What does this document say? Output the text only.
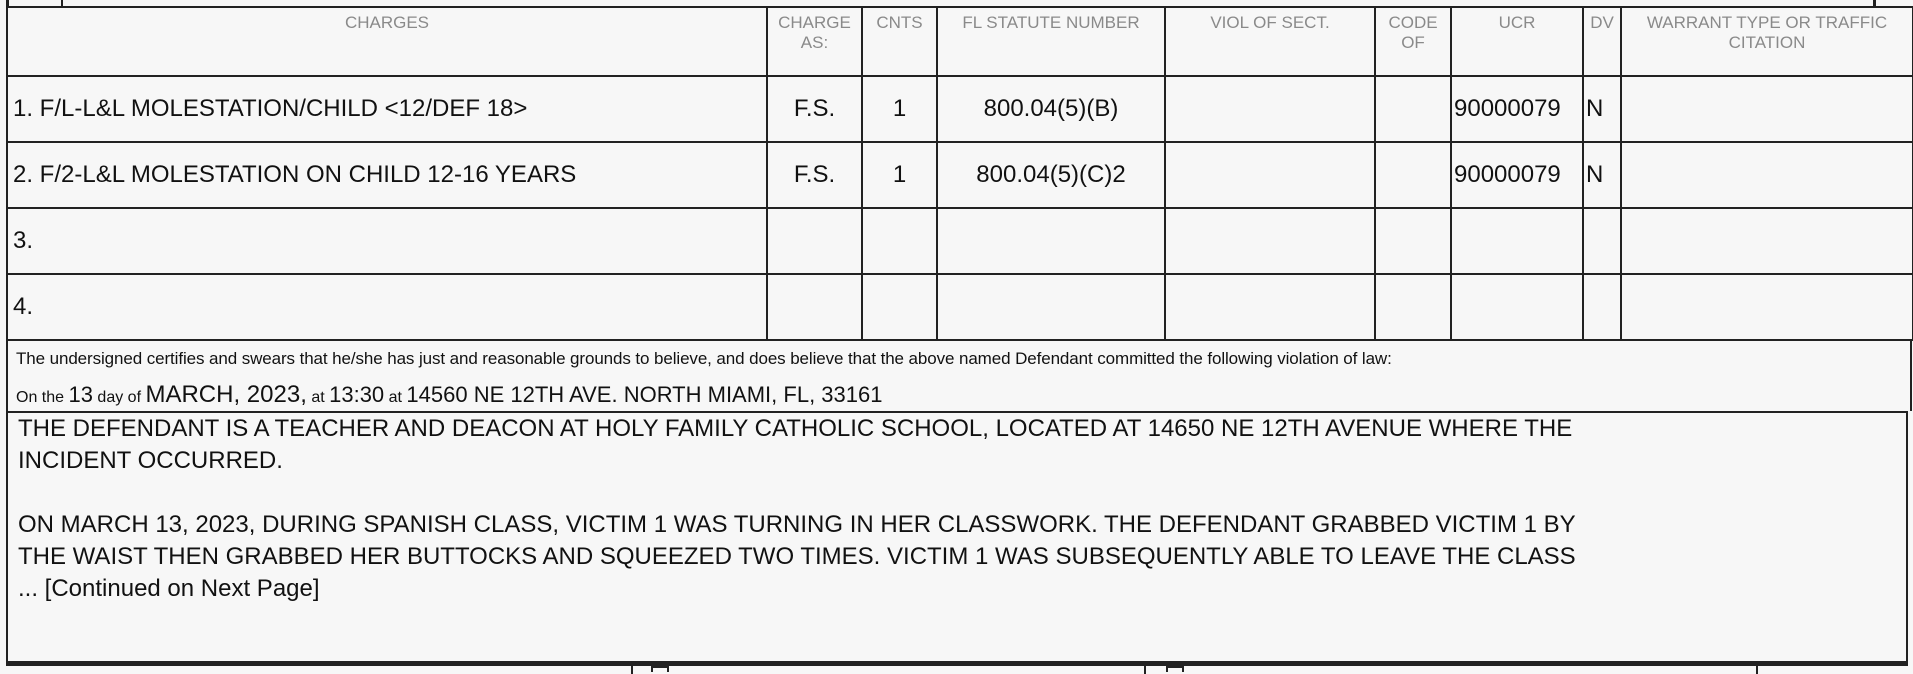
CHARGES	CHARGE AS:	CNTS	FL STATUTE NUMBER	VIOL OF SECT.	CODE OF	UCR	DV	WARRANT TYPE OR TRAFFIC CITATION
1. F/L-L&L MOLESTATION/CHILD <12/DEF 18>	F.S.	1	800.04(5)(B)			90000079	N	
2. F/2-L&L MOLESTATION ON CHILD 12-16 YEARS	F.S.	1	800.04(5)(C)2			90000079	N	
3.								
4.								
The undersigned certifies and swears that he/she has just and reasonable grounds to believe, and does believe that the above named Defendant committed the following violation of law:
On the 13 day of MARCH, 2023, at 13:30 at 14560 NE 12TH AVE. NORTH MIAMI, FL, 33161

THE DEFENDANT IS A TEACHER AND DEACON AT HOLY FAMILY CATHOLIC SCHOOL, LOCATED AT 14650 NE 12TH AVENUE WHERE THE

INCIDENT OCCURRED.

ON MARCH 13, 2023, DURING SPANISH CLASS, VICTIM 1 WAS TURNING IN HER CLASSWORK. THE DEFENDANT GRABBED VICTIM 1 BY

THE WAIST THEN GRABBED HER BUTTOCKS AND SQUEEZED TWO TIMES. VICTIM 1 WAS SUBSEQUENTLY ABLE TO LEAVE THE CLASS

... [Continued on Next Page]
